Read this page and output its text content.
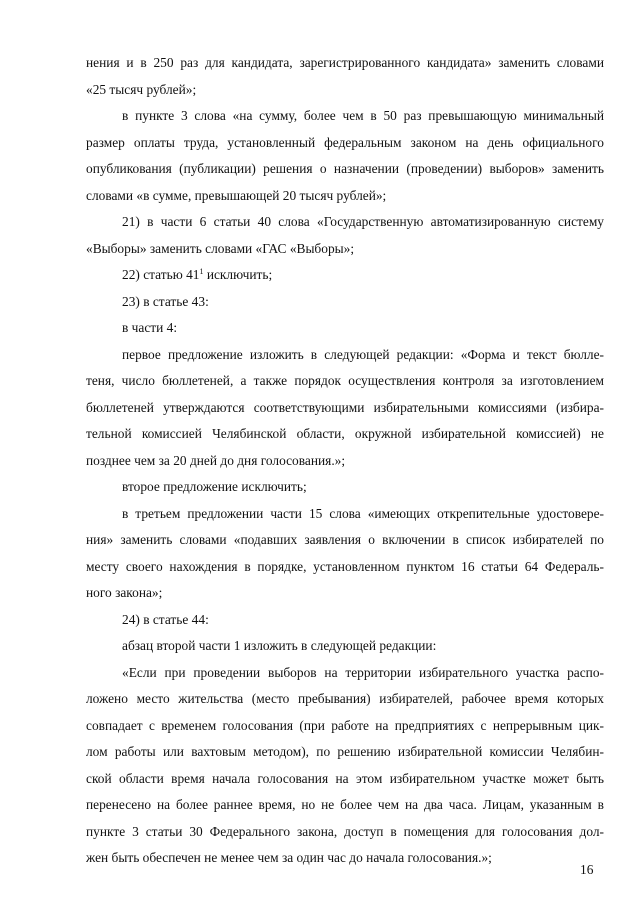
нения и в 250 раз для кандидата, зарегистрированного кандидата» заменить словами
«25 тысяч рублей»;
в пункте 3 слова «на сумму, более чем в 50 раз превышающую минимальный
размер оплаты труда, установленный федеральным законом на день официального
опубликования (публикации) решения о назначении (проведении) выборов» заменить
словами «в сумме, превышающей 20 тысяч рублей»;
21) в части 6 статьи 40 слова «Государственную автоматизированную систему
«Выборы» заменить словами «ГАС «Выборы»;
22) статью $41^1$ исключить;
23) в статье 43:
в части 4:
первое предложение изложить в следующей редакции: «Форма и текст бюлле-
теня, число бюллетеней, а также порядок осуществления контроля за изготовлением
бюллетеней утверждаются соответствующими избирательными комиссиями (избира-
тельной комиссией Челябинской области, окружной избирательной комиссией) не
позднее чем за 20 дней до дня голосования.»;
второе предложение исключить;
в третьем предложении части 15 слова «имеющих открепительные удостовере-
ния» заменить словами «подавших заявления о включении в список избирателей по
месту своего нахождения в порядке, установленном пунктом 16 статьи 64 Федераль-
ного закона»;
24) в статье 44:
абзац второй части 1 изложить в следующей редакции:
«Если при проведении выборов на территории избирательного участка распо-
ложено место жительства (место пребывания) избирателей, рабочее время которых
совпадает с временем голосования (при работе на предприятиях с непрерывным цик-
лом работы или вахтовым методом), по решению избирательной комиссии Челябин-
ской области время начала голосования на этом избирательном участке может быть
перенесено на более раннее время, но не более чем на два часа. Лицам, указанным в
пункте 3 статьи 30 Федерального закона, доступ в помещения для голосования дол-
жен быть обеспечен не менее чем за один час до начала голосования.»;
16
